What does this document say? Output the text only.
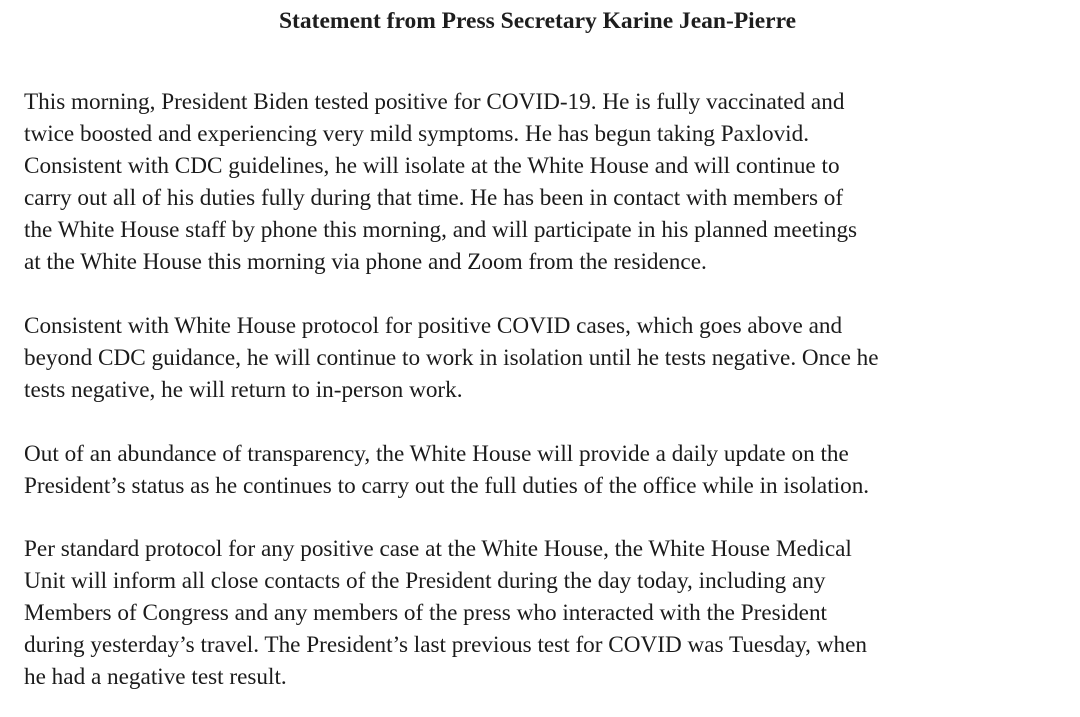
Statement from Press Secretary Karine Jean-Pierre
This morning, President Biden tested positive for COVID-19. He is fully vaccinated and
twice boosted and experiencing very mild symptoms. He has begun taking Paxlovid.
Consistent with CDC guidelines, he will isolate at the White House and will continue to
carry out all of his duties fully during that time. He has been in contact with members of
the White House staff by phone this morning, and will participate in his planned meetings
at the White House this morning via phone and Zoom from the residence.
Consistent with White House protocol for positive COVID cases, which goes above and
beyond CDC guidance, he will continue to work in isolation until he tests negative. Once he
tests negative, he will return to in-person work.
Out of an abundance of transparency, the White House will provide a daily update on the
President’s status as he continues to carry out the full duties of the office while in isolation.
Per standard protocol for any positive case at the White House, the White House Medical
Unit will inform all close contacts of the President during the day today, including any
Members of Congress and any members of the press who interacted with the President
during yesterday’s travel. The President’s last previous test for COVID was Tuesday, when
he had a negative test result.
